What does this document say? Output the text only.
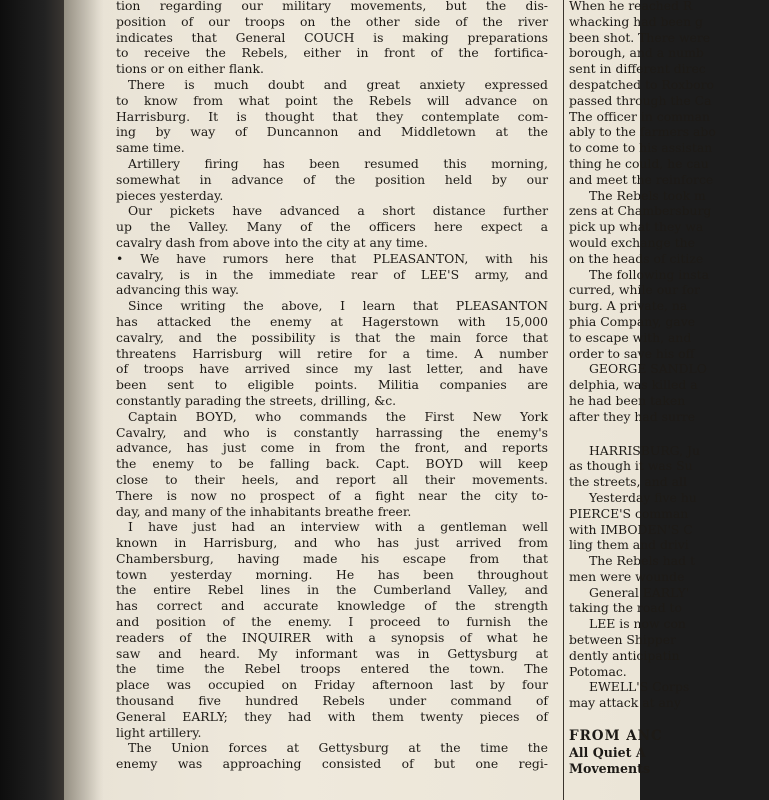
tion regarding our military movements, but the dis-

position of our troops on the other side of the river

indicates that General COUCH is making preparations

to receive the Rebels, either in front of the fortifica-

tions or on either flank.

There is much doubt and great anxiety expressed

to know from what point the Rebels will advance on

Harrisburg. It is thought that they contemplate com-

ing by way of Duncannon and Middletown at the

same time.

Artillery firing has been resumed this morning,

somewhat in advance of the position held by our

pieces yesterday.

Our pickets have advanced a short distance further

up the Valley. Many of the officers here expect a

cavalry dash from above into the city at any time.

• We have rumors here that PLEASANTON, with his

cavalry, is in the immediate rear of LEE'S army, and

advancing this way.

Since writing the above, I learn that PLEASANTON

has attacked the enemy at Hagerstown with 15,000

cavalry, and the possibility is that the main force that

threatens Harrisburg will retire for a time. A number

of troops have arrived since my last letter, and have

been sent to eligible points. Militia companies are

constantly parading the streets, drilling, &c.

Captain BOYD, who commands the First New York

Cavalry, and who is constantly harrassing the enemy's

advance, has just come in from the front, and reports

the enemy to be falling back. Capt. BOYD will keep

close to their heels, and report all their movements.

There is now no prospect of a fight near the city to-

day, and many of the inhabitants breathe freer.

I have just had an interview with a gentleman well

known in Harrisburg, and who has just arrived from

Chambersburg, having made his escape from that

town yesterday morning. He has been throughout

the entire Rebel lines in the Cumberland Valley, and

has correct and accurate knowledge of the strength

and position of the enemy. I proceed to furnish the

readers of the INQUIRER with a synopsis of what he

saw and heard. My informant was in Gettysburg at

the time the Rebel troops entered the town. The

place was occupied on Friday afternoon last by four

thousand five hundred Rebels under command of

General EARLY; they had with them twenty pieces of

light artillery.

The Union forces at Gettysburg at the time the

enemy was approaching consisted of but one regi-

When he reached R

whacking had been g

been shot. There were

borough, and a numb

sent in different direc

despatched to Roxboro

passed through the Ca

The officer in comman

ably to the farmers abo

to come to his assistan

thing he could, he cau

and meet the reinforce

The Rebels took m

zens at Chambersburg

pick up what they wa

would exchange the

on the heads of citize

The following insta

curred, while our for

burg. A private, na

phia Company, gave

to escape with, and

order to save his off

GEORGE SANDLO

delphia, was killed a

he had been taken

after they had surre

HARRISBURG, Ju

as though it was Su

the streets, and all

Yesterday five hu

PIERCE'S comman

with IMBODEN'S C

ling them and drivi

The Rebels had t

men were wounde

General EARLY'

taking the road to

LEE is now con

between Shipper

dently anticipatin

Potomac.

EWELL'S Corps

may attack at any

FROM ANC

All Quiet A

Movements
